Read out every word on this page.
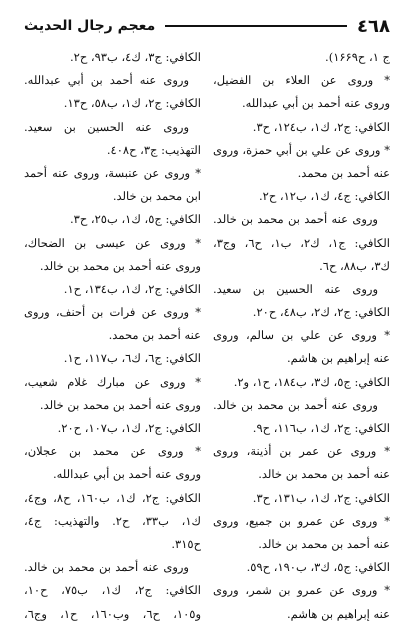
٤٦٨
معجم رجال الحديث
ج ۱، ح۱۶۶۹).
* وروى عن العلاء بن الفضيل،
وروى عنه أحمد بن أبي عبدالله.
الكافي: ج۲، ك۱، ب۱۲٤، ح۳.
* وروى عن علي بن أبي حمزة، وروى
عنه أحمد بن محمد.
الكافي: ج٤، ك۱، ب۱۲، ح۲.
وروى عنه أحمد بن محمد بن خالد.
الكافي: ج۱، ك۲، ب۱، ح٦، وج۳،
ك۳، ب۸۸، ح٦.
وروى عنه الحسين بن سعيد.
الكافي: ج۲، ك۲، ب٤۸، ح۲۰.
* وروى عن علي بن سالم، وروى
عنه إبراهيم بن هاشم.
الكافي: ج٥، ك۳، ب۱۸٤، ح۱، و۲.
وروى عنه أحمد بن محمد بن خالد.
الكافي: ج۲، ك۱، ب۱۱٦، ح۹.
* وروى عن عمر بن أذينة، وروى
عنه أحمد بن محمد بن خالد.
الكافي: ج۲، ك۱، ب۱۳۱، ح۳.
* وروى عن عمرو بن جميع، وروى
عنه أحمد بن محمد بن خالد.
الكافي: ج٥، ك۳، ب۱۹۰، ح٥۹.
* وروى عن عمرو بن شمر، وروى
عنه إبراهيم بن هاشم.
الكافي: ج۳، ك٤، ب۹۳، ح۲.
وروى عنه أحمد بن أبي عبدالله.
الكافي: ج۲، ك۱، ب٥۸، ح۱۳.
وروى عنه الحسين بن سعيد.
التهذيب: ج۳، ح٤۰۸.
* وروى عن عنبسة، وروى عنه أحمد
ابن محمد بن خالد.
الكافي: ج٥، ك۱، ب۲٥، ح۳.
* وروى عن عيسى بن الضحاك،
وروى عنه أحمد بن محمد بن خالد.
الكافي: ج۲، ك۱، ب۱۳٤، ح۱.
* وروى عن فرات بن أحنف، وروى
عنه أحمد بن محمد.
الكافي: ج٦، ك٦، ب۱۱۷، ح۱.
* وروى عن مبارك غلام شعيب،
وروى عنه أحمد بن محمد بن خالد.
الكافي: ج۲، ك۱، ب۱۰۷، ح۲۰.
* وروى عن محمد بن عجلان،
وروى عنه أحمد بن أبي عبدالله.
الكافي: ج۲، ك۱، ب۱٦۰، ح۸، وج٤،
ك۱، ب۳۳، ح۲. والتهذيب: ج٤،
ح۳۱٥.
وروى عنه أحمد بن محمد بن خالد.
الكافي: ج۲، ك۱، ب۷٥، ح۱۰،
و۱۰٥، ح٦، وب۱٦۰، ح۱، وج٦،
